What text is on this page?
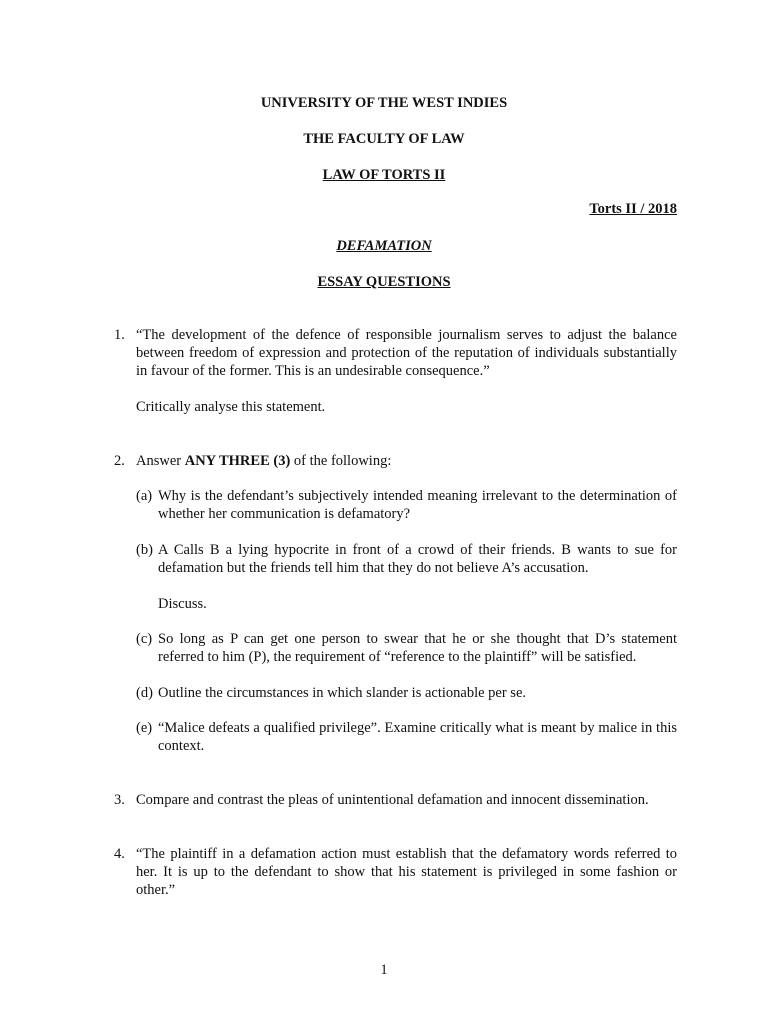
UNIVERSITY OF THE WEST INDIES
THE FACULTY OF LAW
LAW OF TORTS II
Torts II / 2018
DEFAMATION
ESSAY QUESTIONS
1. “The development of the defence of responsible journalism serves to adjust the balance between freedom of expression and protection of the reputation of individuals substantially in favour of the former. This is an undesirable consequence.”

Critically analyse this statement.

2. Answer ANY THREE (3) of the following:

(a) Why is the defendant’s subjectively intended meaning irrelevant to the determination of whether her communication is defamatory?

(b) A Calls B a lying hypocrite in front of a crowd of their friends. B wants to sue for defamation but the friends tell him that they do not believe A’s accusation.

Discuss.

(c) So long as P can get one person to swear that he or she thought that D’s statement referred to him (P), the requirement of “reference to the plaintiff” will be satisfied.

(d) Outline the circumstances in which slander is actionable per se.

(e) “Malice defeats a qualified privilege”. Examine critically what is meant by malice in this context.

3. Compare and contrast the pleas of unintentional defamation and innocent dissemination.

4. “The plaintiff in a defamation action must establish that the defamatory words referred to her. It is up to the defendant to show that his statement is privileged in some fashion or other.”

1
